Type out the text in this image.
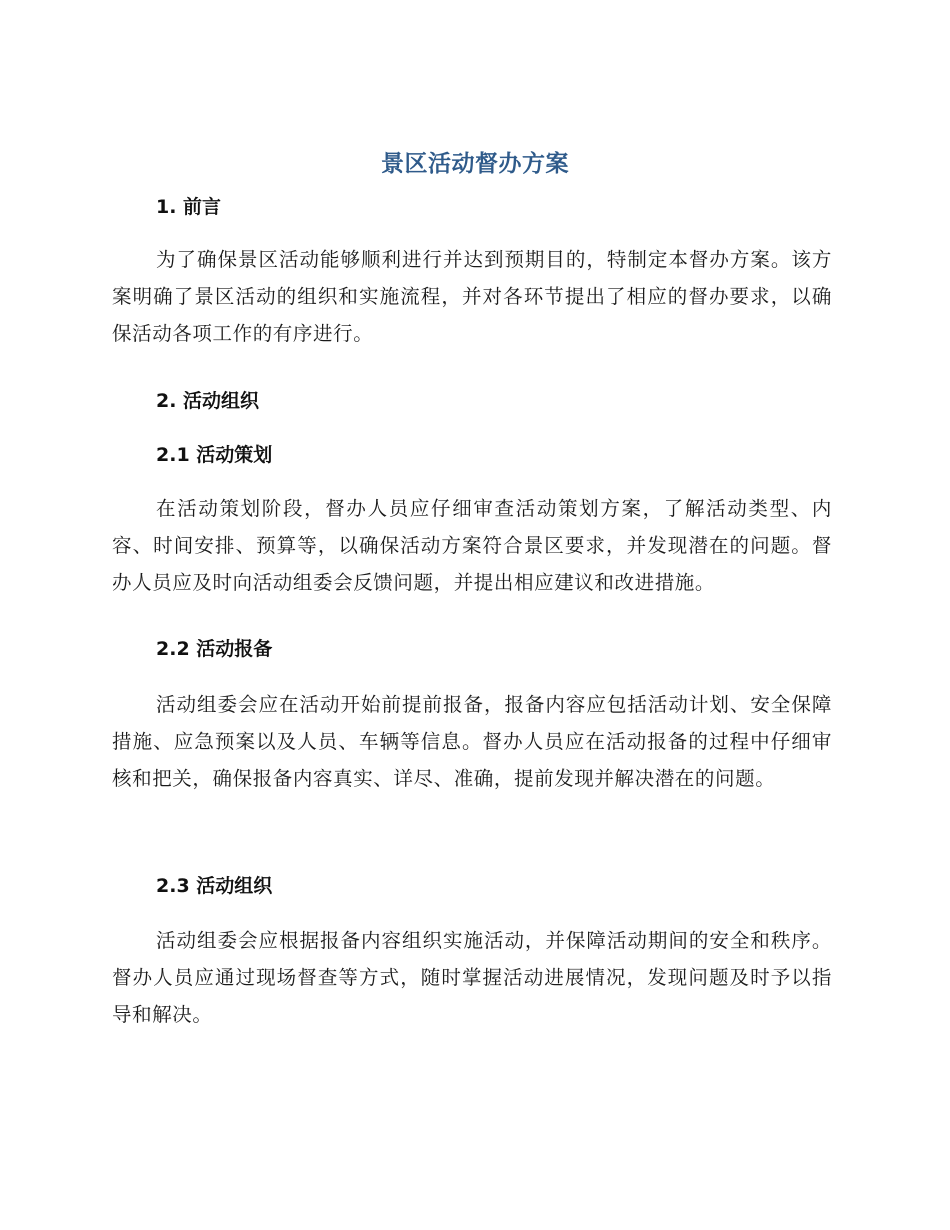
景区活动督办方案
1. 前言

为了确保景区活动能够顺利进行并达到预期目的，特制定本督办方案。该方案明确了景区活动的组织和实施流程，并对各环节提出了相应的督办要求，以确保活动各项工作的有序进行。

2. 活动组织
2.1 活动策划

在活动策划阶段，督办人员应仔细审查活动策划方案，了解活动类型、内容、时间安排、预算等，以确保活动方案符合景区要求，并发现潜在的问题。督办人员应及时向活动组委会反馈问题，并提出相应建议和改进措施。

2.2 活动报备

活动组委会应在活动开始前提前报备，报备内容应包括活动计划、安全保障措施、应急预案以及人员、车辆等信息。督办人员应在活动报备的过程中仔细审核和把关，确保报备内容真实、详尽、准确，提前发现并解决潜在的问题。

2.3 活动组织

活动组委会应根据报备内容组织实施活动，并保障活动期间的安全和秩序。督办人员应通过现场督查等方式，随时掌握活动进展情况，发现问题及时予以指导和解决。
